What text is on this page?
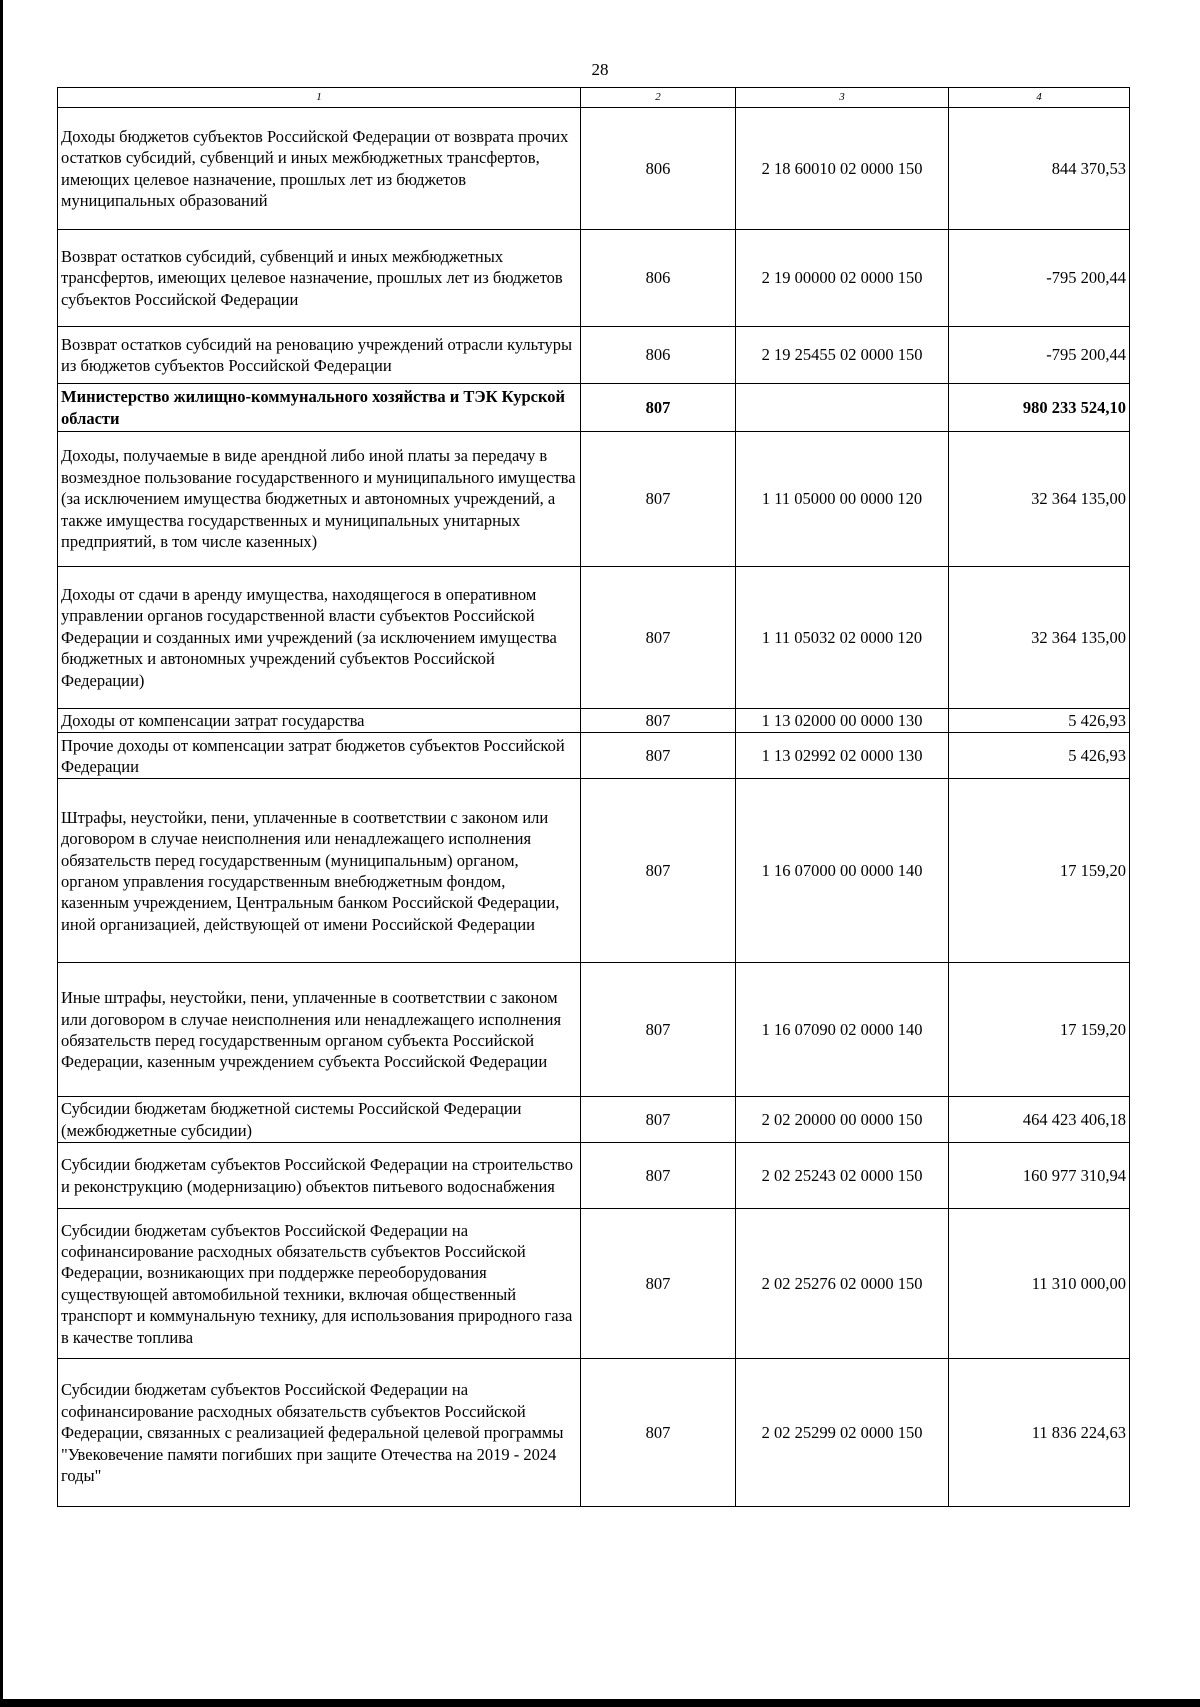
28
1	2	3	4
Доходы бюджетов субъектов Российской Федерации от возврата прочих остатков субсидий, субвенций и иных межбюджетных трансфертов, имеющих целевое назначение, прошлых лет из бюджетов муниципальных образований	806	2 18 60010 02 0000 150	844 370,53
Возврат остатков субсидий, субвенций и иных межбюджетных трансфертов, имеющих целевое назначение, прошлых лет из бюджетов субъектов Российской Федерации	806	2 19 00000 02 0000 150	-795 200,44
Возврат остатков субсидий на реновацию учреждений отрасли культуры из бюджетов субъектов Российской Федерации	806	2 19 25455 02 0000 150	-795 200,44
Министерство жилищно-коммунального хозяйства и ТЭК Курской области	807		980 233 524,10
Доходы, получаемые в виде арендной либо иной платы за передачу в возмездное пользование государственного и муниципального имущества (за исключением имущества бюджетных и автономных учреждений, а также имущества государственных и муниципальных унитарных предприятий, в том числе казенных)	807	1 11 05000 00 0000 120	32 364 135,00
Доходы от сдачи в аренду имущества, находящегося в оперативном управлении органов государственной власти субъектов Российской Федерации и созданных ими учреждений (за исключением имущества бюджетных и автономных учреждений субъектов Российской Федерации)	807	1 11 05032 02 0000 120	32 364 135,00
Доходы от компенсации затрат государства	807	1 13 02000 00 0000 130	5 426,93
Прочие доходы от компенсации затрат бюджетов субъектов Российской Федерации	807	1 13 02992 02 0000 130	5 426,93
Штрафы, неустойки, пени, уплаченные в соответствии с законом или договором в случае неисполнения или ненадлежащего исполнения обязательств перед государственным (муниципальным) органом, органом управления государственным внебюджетным фондом, казенным учреждением, Центральным банком Российской Федерации, иной организацией, действующей от имени Российской Федерации	807	1 16 07000 00 0000 140	17 159,20
Иные штрафы, неустойки, пени, уплаченные в соответствии с законом или договором в случае неисполнения или ненадлежащего исполнения обязательств перед государственным органом субъекта Российской Федерации, казенным учреждением субъекта Российской Федерации	807	1 16 07090 02 0000 140	17 159,20
Субсидии бюджетам бюджетной системы Российской Федерации (межбюджетные субсидии)	807	2 02 20000 00 0000 150	464 423 406,18
Субсидии бюджетам субъектов Российской Федерации на строительство и реконструкцию (модернизацию) объектов питьевого водоснабжения	807	2 02 25243 02 0000 150	160 977 310,94
Субсидии бюджетам субъектов Российской Федерации на софинансирование расходных обязательств субъектов Российской Федерации, возникающих при поддержке переоборудования существующей автомобильной техники, включая общественный транспорт и коммунальную технику, для использования природного газа в качестве топлива	807	2 02 25276 02 0000 150	11 310 000,00
Субсидии бюджетам субъектов Российской Федерации на софинансирование расходных обязательств субъектов Российской Федерации, связанных с реализацией федеральной целевой программы "Увековечение памяти погибших при защите Отечества на 2019 - 2024 годы"	807	2 02 25299 02 0000 150	11 836 224,63
